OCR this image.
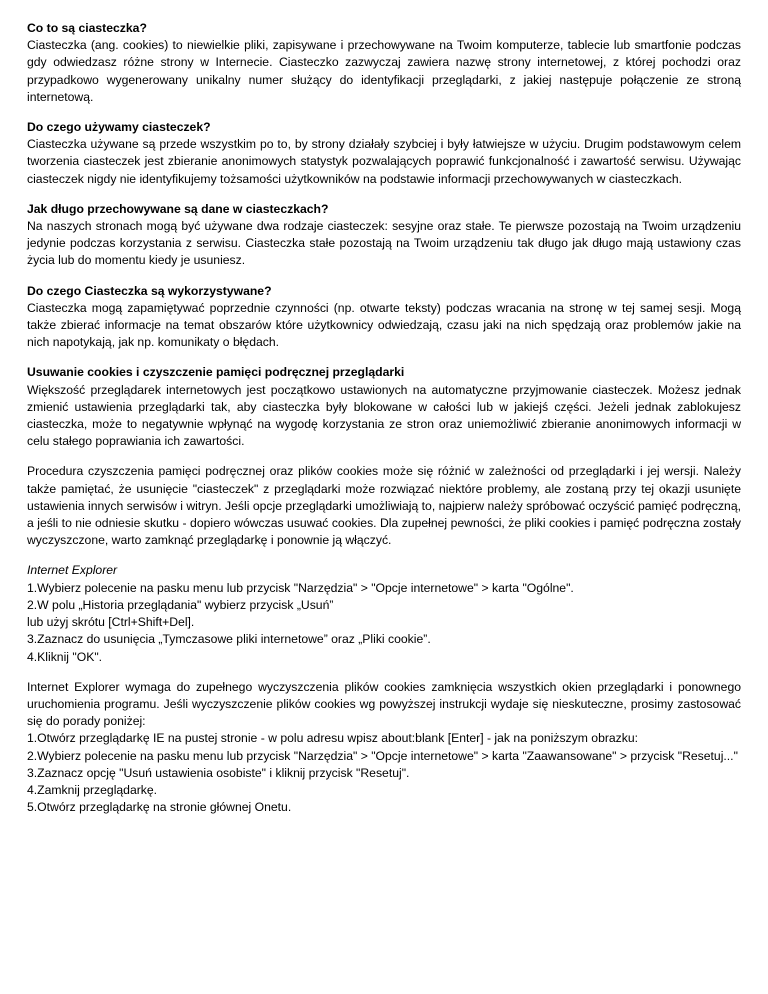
Co to są ciasteczka?

Ciasteczka (ang. cookies) to niewielkie pliki, zapisywane i przechowywane na Twoim komputerze, tablecie lub smartfonie podczas gdy odwiedzasz różne strony w Internecie. Ciasteczko zazwyczaj zawiera nazwę strony internetowej, z której pochodzi oraz przypadkowo wygenerowany unikalny numer służący do identyfikacji przeglądarki, z jakiej następuje połączenie ze stroną internetową.

Do czego używamy ciasteczek?

Ciasteczka używane są przede wszystkim po to, by strony działały szybciej i były łatwiejsze w użyciu. Drugim podstawowym celem tworzenia ciasteczek jest zbieranie anonimowych statystyk pozwalających poprawić funkcjonalność i zawartość serwisu. Używając ciasteczek nigdy nie identyfikujemy tożsamości użytkowników na podstawie informacji przechowywanych w ciasteczkach.

Jak długo przechowywane są dane w ciasteczkach?

Na naszych stronach mogą być używane dwa rodzaje ciasteczek: sesyjne oraz stałe. Te pierwsze pozostają na Twoim urządzeniu jedynie podczas korzystania z serwisu. Ciasteczka stałe pozostają na Twoim urządzeniu tak długo jak długo mają ustawiony czas życia lub do momentu kiedy je usuniesz.

Do czego Ciasteczka są wykorzystywane?

Ciasteczka mogą zapamiętywać poprzednie czynności (np. otwarte teksty) podczas wracania na stronę w tej samej sesji. Mogą także zbierać informacje na temat obszarów które użytkownicy odwiedzają, czasu jaki na nich spędzają oraz problemów jakie na nich napotykają, jak np. komunikaty o błędach.

Usuwanie cookies i czyszczenie pamięci podręcznej przeglądarki

Większość przeglądarek internetowych jest początkowo ustawionych na automatyczne przyjmowanie ciasteczek. Możesz jednak zmienić ustawienia przeglądarki tak, aby ciasteczka były blokowane w całości lub w jakiejś części. Jeżeli jednak zablokujesz ciasteczka, może to negatywnie wpłynąć na wygodę korzystania ze stron oraz uniemożliwić zbieranie anonimowych informacji w celu stałego poprawiania ich zawartości.

Procedura czyszczenia pamięci podręcznej oraz plików cookies może się różnić w zależności od przeglądarki i jej wersji. Należy także pamiętać, że usunięcie "ciasteczek" z przeglądarki może rozwiązać niektóre problemy, ale zostaną przy tej okazji usunięte ustawienia innych serwisów i witryn. Jeśli opcje przeglądarki umożliwiają to, najpierw należy spróbować oczyścić pamięć podręczną, a jeśli to nie odniesie skutku - dopiero wówczas usuwać cookies. Dla zupełnej pewności, że pliki cookies i pamięć podręczna zostały wyczyszczone, warto zamknąć przeglądarkę i ponownie ją włączyć.

Internet Explorer
1.Wybierz polecenie na pasku menu lub przycisk "Narzędzia" > "Opcje internetowe" > karta "Ogólne".
2.W polu „Historia przeglądania" wybierz przycisk „Usuń”
lub użyj skrótu [Ctrl+Shift+Del].
3.Zaznacz do usunięcia „Tymczasowe pliki internetowe” oraz „Pliki cookie”.
4.Kliknij "OK".

Internet Explorer wymaga do zupełnego wyczyszczenia plików cookies zamknięcia wszystkich okien przeglądarki i ponownego uruchomienia programu. Jeśli wyczyszczenie plików cookies wg powyższej instrukcji wydaje się nieskuteczne, prosimy zastosować się do porady poniżej:

1.Otwórz przeglądarkę IE na pustej stronie - w polu adresu wpisz about:blank [Enter] - jak na poniższym obrazku:
2.Wybierz polecenie na pasku menu lub przycisk "Narzędzia" > "Opcje internetowe" > karta "Zaawansowane" > przycisk "Resetuj..."
3.Zaznacz opcję "Usuń ustawienia osobiste" i kliknij przycisk "Resetuj".
4.Zamknij przeglądarkę.
5.Otwórz przeglądarkę na stronie głównej Onetu.
